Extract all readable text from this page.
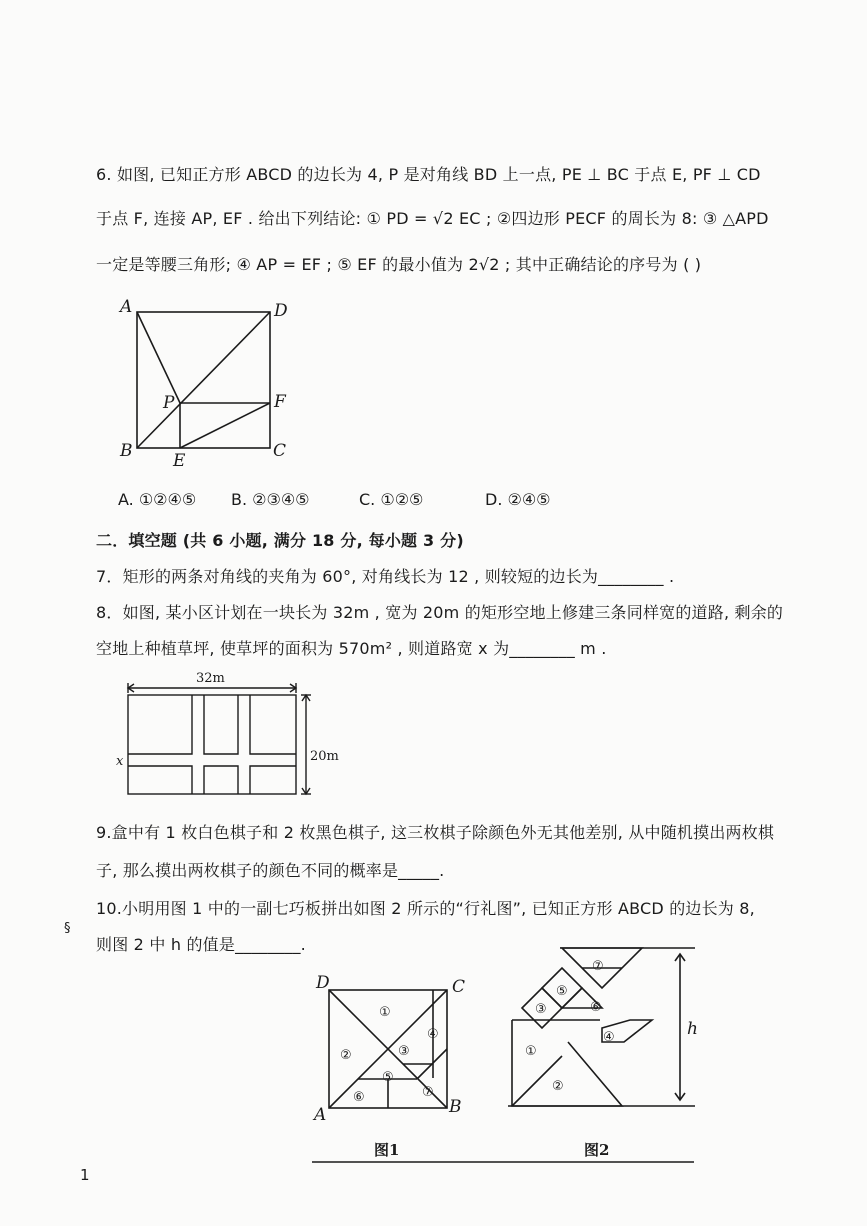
6. 如图, 已知正方形 ABCD 的边长为 4, P 是对角线 BD 上一点, PE ⊥ BC 于点 E, PF ⊥ CD
于点 F, 连接 AP, EF . 给出下列结论: ① PD = √2 EC ; ②四边形 PECF 的周长为 8: ③ △APD
一定是等腰三角形; ④ AP = EF ; ⑤ EF 的最小值为 2√2 ; 其中正确结论的序号为 ( )
A	D
P	F
B E	C
A. ①②④⑤ B. ②③④⑤	C. ①②⑤	D. ②④⑤
二．填空题 (共 6 小题, 满分 18 分, 每小题 3 分)
7．矩形的两条对角线的夹角为 60°, 对角线长为 12 , 则较短的边长为________ .
8．如图, 某小区计划在一块长为 32m , 宽为 20m 的矩形空地上修建三条同样宽的道路, 剩余的
空地上种植草坪, 使草坪的面积为 570m² , 则道路宽 x 为________ m .
32m
20m
x
9.盒中有 1 枚白色棋子和 2 枚黑色棋子, 这三枚棋子除颜色外无其他差别, 从中随机摸出两枚棋
子, 那么摸出两枚棋子的颜色不同的概率是_____.
10.小明用图 1 中的一副七巧板拼出如图 2 所示的“行礼图”, 已知正方形 ABCD 的边长为 8,
则图 2 中 h 的值是________.
§
①
②	③
④
⑤
⑥	⑦
D	C
A	B
①
②
③
④
⑤
⑥
⑦
h
图1	图2
1
